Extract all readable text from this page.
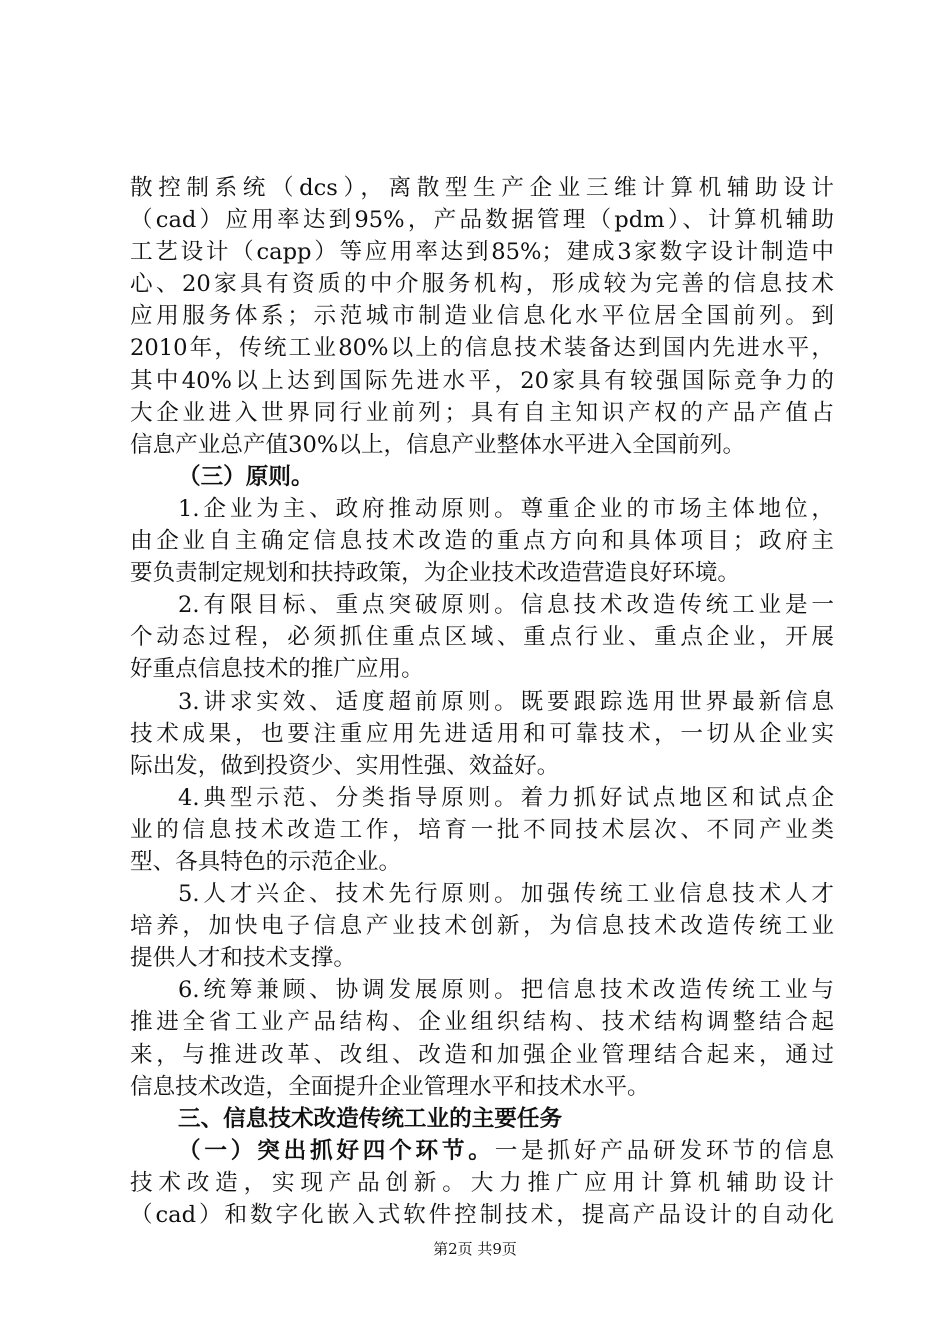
散控制系统（dcs），离散型生产企业三维计算机辅助设计
（cad）应用率达到95%，产品数据管理（pdm）、计算机辅助
工艺设计（capp）等应用率达到85%；建成3家数字设计制造中
心、20家具有资质的中介服务机构，形成较为完善的信息技术
应用服务体系；示范城市制造业信息化水平位居全国前列。到
2010年，传统工业80%以上的信息技术装备达到国内先进水平，
其中40%以上达到国际先进水平，20家具有较强国际竞争力的
大企业进入世界同行业前列；具有自主知识产权的产品产值占
信息产业总产值30%以上，信息产业整体水平进入全国前列。
（三）原则。
1.企业为主、政府推动原则。尊重企业的市场主体地位，
由企业自主确定信息技术改造的重点方向和具体项目；政府主
要负责制定规划和扶持政策，为企业技术改造营造良好环境。
2.有限目标、重点突破原则。信息技术改造传统工业是一
个动态过程，必须抓住重点区域、重点行业、重点企业，开展
好重点信息技术的推广应用。
3.讲求实效、适度超前原则。既要跟踪选用世界最新信息
技术成果，也要注重应用先进适用和可靠技术，一切从企业实
际出发，做到投资少、实用性强、效益好。
4.典型示范、分类指导原则。着力抓好试点地区和试点企
业的信息技术改造工作，培育一批不同技术层次、不同产业类
型、各具特色的示范企业。
5.人才兴企、技术先行原则。加强传统工业信息技术人才
培养，加快电子信息产业技术创新，为信息技术改造传统工业
提供人才和技术支撑。
6.统筹兼顾、协调发展原则。把信息技术改造传统工业与
推进全省工业产品结构、企业组织结构、技术结构调整结合起
来，与推进改革、改组、改造和加强企业管理结合起来，通过
信息技术改造，全面提升企业管理水平和技术水平。
三、信息技术改造传统工业的主要任务
（一）突出抓好四个环节。一是抓好产品研发环节的信息
技术改造，实现产品创新。大力推广应用计算机辅助设计
（cad）和数字化嵌入式软件控制技术，提高产品设计的自动化
第2页 共9页
